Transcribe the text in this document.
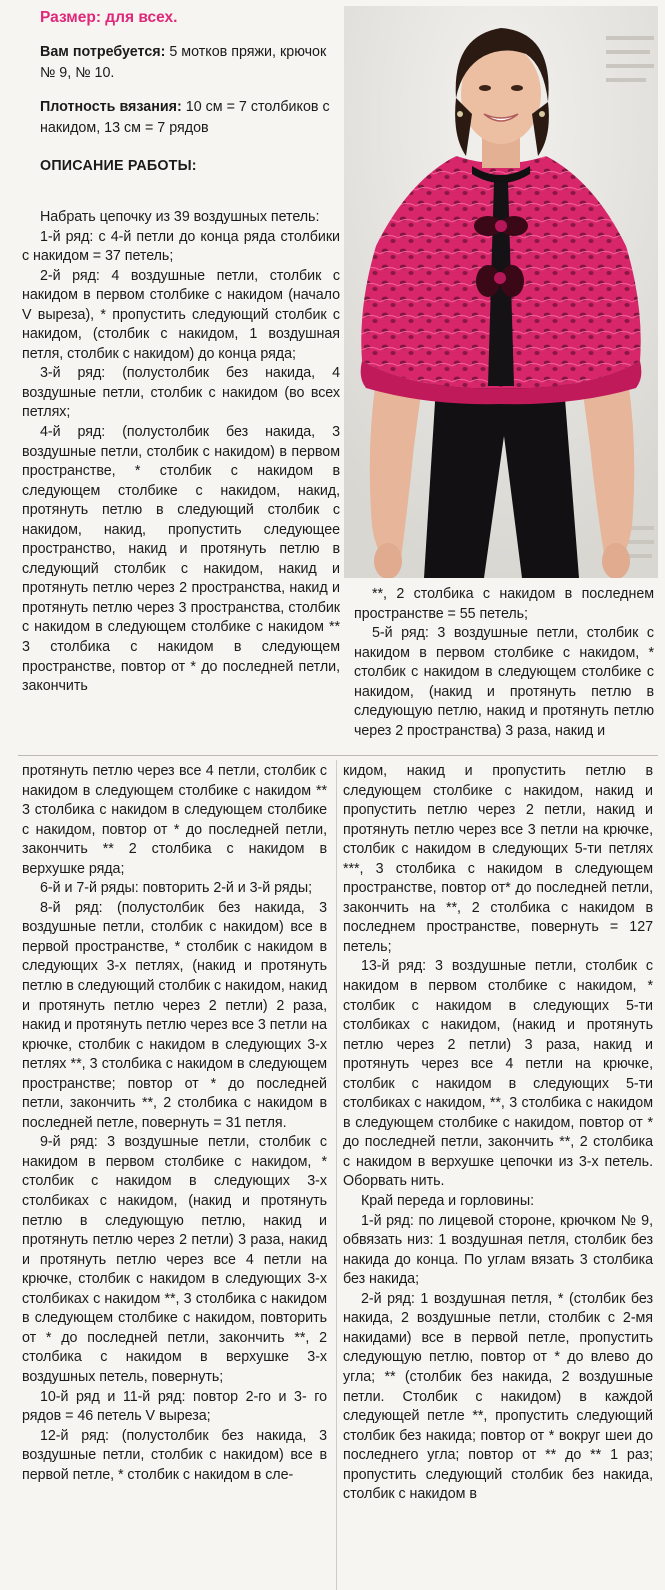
Размер: для всех.
Вам потребуется: 5 мотков пряжи, крючок № 9, № 10.
Плотность вязания: 10 см = 7 столбиков с накидом, 13 см = 7 рядов
ОПИСАНИЕ РАБОТЫ:

Набрать цепочку из 39 воздушных петель:

1-й ряд: с 4-й петли до конца ряда столбики с накидом = 37 петель;

2-й ряд: 4 воздушные петли, столбик с накидом в первом столбике с накидом (начало V выреза), * пропустить следующий столбик с накидом, (столбик с накидом, 1 воздушная петля, столбик с накидом) до конца ряда;

3-й ряд: (полустолбик без накида, 4 воздушные петли, столбик с накидом (во всех петлях;

4-й ряд: (полустолбик без накида, 3 воздушные петли, столбик с накидом) в первом пространстве, * столбик с накидом в следующем столбике с накидом, накид, протянуть петлю в следующий столбик с накидом, накид, пропустить следующее пространство, накид и протянуть петлю в следующий столбик с накидом, накид и протянуть петлю через 2 пространства, накид и протянуть петлю через 3 пространства, столбик с накидом в следующем столбике с накидом ** 3 столбика с накидом в следующем пространстве, повтор от * до последней петли, закончить

**, 2 столбика с накидом в последнем пространстве = 55 петель;

5-й ряд: 3 воздушные петли, столбик с накидом в первом столбике с накидом, * столбик с накидом в следующем столбике с накидом, (накид и протянуть петлю в следующую петлю, накид и протянуть петлю через 2 пространства) 3 раза, накид и

протянуть петлю через все 4 петли, столбик с накидом в следующем столбике с накидом ** 3 столбика с накидом в следующем столбике с накидом, повтор от * до последней петли, закончить ** 2 столбика с накидом в верхушке ряда;

6-й и 7-й ряды: повторить 2-й и 3-й ряды;

8-й ряд: (полустолбик без накида, 3 воздушные петли, столбик с накидом) все в первой пространстве, * столбик с накидом в следующих 3-х петлях, (накид и протянуть петлю в следующий столбик с накидом, накид и протянуть петлю через 2 петли) 2 раза, накид и протянуть петлю через все 3 петли на крючке, столбик с накидом в следующих 3-х петлях **, 3 столбика с накидом в следующем пространстве; повтор от * до последней петли, закончить **, 2 столбика с накидом в последней петле, повернуть = 31 петля.

9-й ряд: 3 воздушные петли, столбик с накидом в первом столбике с накидом, * столбик с накидом в следующих 3-х столбиках с накидом, (накид и протянуть петлю в следующую петлю, накид и протянуть петлю через 2 петли) 3 раза, накид и протянуть петлю через все 4 петли на крючке, столбик с накидом в следующих 3-х столбиках с накидом **, 3 столбика с накидом в следующем столбике с накидом, повторить от * до последней петли, закончить **, 2 столбика с накидом в верхушке 3-х воздушных петель, повернуть;

10-й ряд и 11-й ряд: повтор 2-го и 3- го рядов = 46 петель V выреза;

12-й ряд: (полустолбик без накида, 3 воздушные петли, столбик с накидом) все в первой петле, * столбик с накидом в сле-

кидом, накид и пропустить петлю в следующем столбике с накидом, накид и пропустить петлю через 2 петли, накид и протянуть петлю через все 3 петли на крючке, столбик с накидом в следующих 5-ти петлях ***, 3 столбика с накидом в следующем пространстве, повтор от* до последней петли, закончить на **, 2 столбика с накидом в последнем пространстве, повернуть = 127 петель;

13-й ряд: 3 воздушные петли, столбик с накидом в первом столбике с накидом, * столбик с накидом в следующих 5-ти столбиках с накидом, (накид и протянуть петлю через 2 петли) 3 раза, накид и протянуть через все 4 петли на крючке, столбик с накидом в следующих 5-ти столбиках с накидом, **, 3 столбика с накидом в следующем столбике с накидом, повтор от * до последней петли, закончить **, 2 столбика с накидом в верхушке цепочки из 3-х петель. Оборвать нить.

Край переда и горловины:

1-й ряд: по лицевой стороне, крючком № 9, обвязать низ: 1 воздушная петля, столбик без накида до конца. По углам вязать 3 столбика без накида;

2-й ряд: 1 воздушная петля, * (столбик без накида, 2 воздушные петли, столбик с 2-мя накидами) все в первой петле, пропустить следующую петлю, повтор от * до влево до угла; ** (столбик без накида, 2 воздушные петли. Столбик с накидом) в каждой следующей петле **, пропустить следующий столбик без накида; повтор от * вокруг шеи до последнего угла; повтор от ** до ** 1 раз; пропустить следующий столбик без накида, столбик с накидом в
